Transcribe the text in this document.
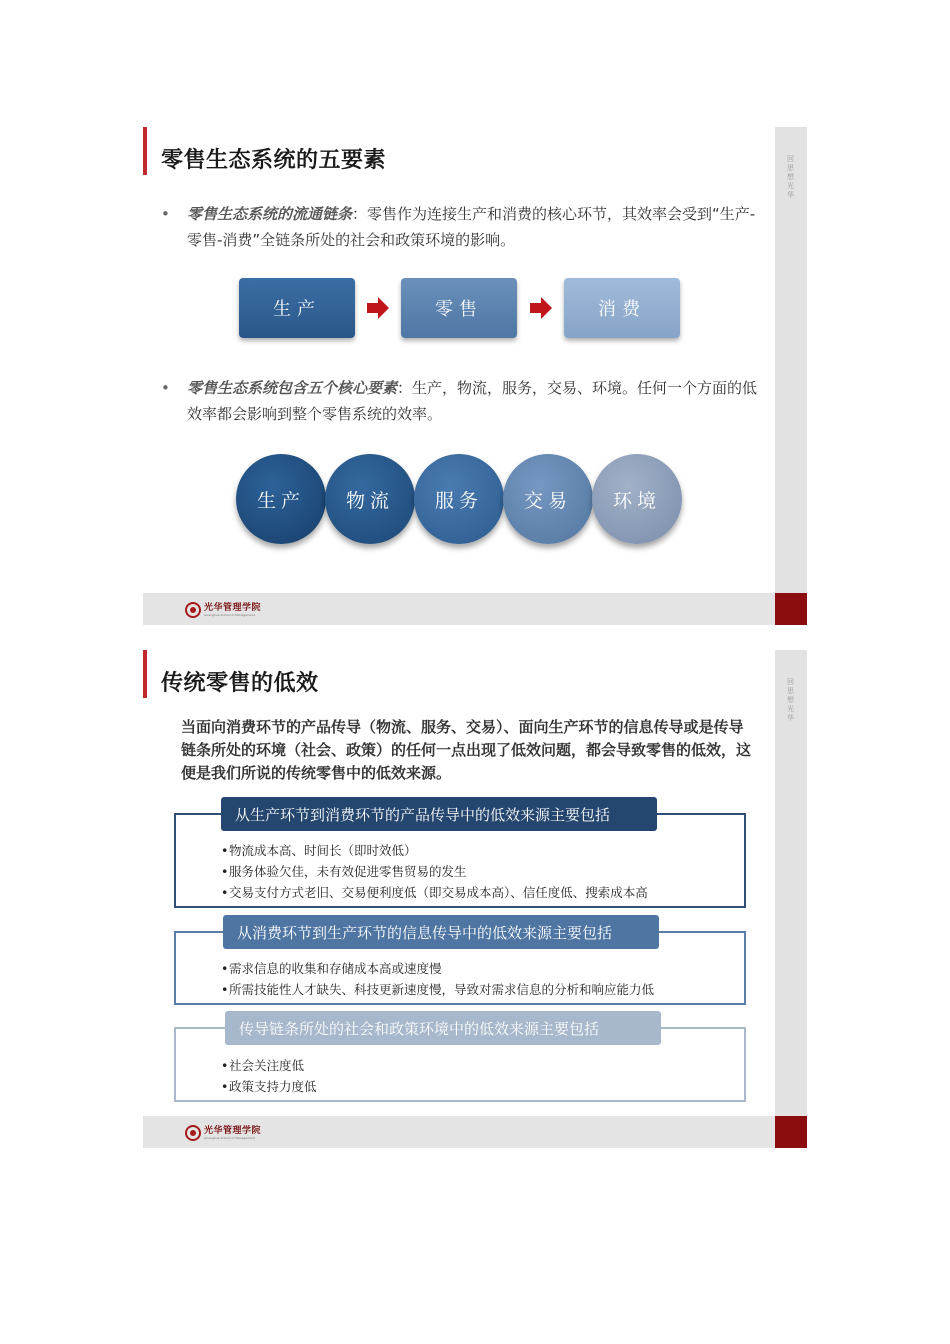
零售生态系统的五要素
• 零售生态系统的流通链条：零售作为连接生产和消费的核心环节，其效率会受到“生产-零售-消费”全链条所处的社会和政策环境的影响。
生产	零售	消费
• 零售生态系统包含五个核心要素：生产，物流，服务，交易、环境。任何一个方面的低效率都会影响到整个零售系统的效率。
生产	物流	服务	交易	环境
回思想 光华
光华管理学院
Guanghua School of Management
传统零售的低效
当面向消费环节的产品传导（物流、服务、交易）、面向生产环节的信息传导或是传导链条所处的环境（社会、政策）的任何一点出现了低效问题，都会导致零售的低效，这便是我们所说的传统零售中的低效来源。
从生产环节到消费环节的产品传导中的低效来源主要包括
• 物流成本高、时间长（即时效低）
• 服务体验欠佳，未有效促进零售贸易的发生
• 交易支付方式老旧、交易便利度低（即交易成本高）、信任度低、搜索成本高
从消费环节到生产环节的信息传导中的低效来源主要包括
• 需求信息的收集和存储成本高或速度慢
• 所需技能性人才缺失、科技更新速度慢，导致对需求信息的分析和响应能力低
传导链条所处的社会和政策环境中的低效来源主要包括
• 社会关注度低
• 政策支持力度低
回思想 光华
光华管理学院
Guanghua School of Management
